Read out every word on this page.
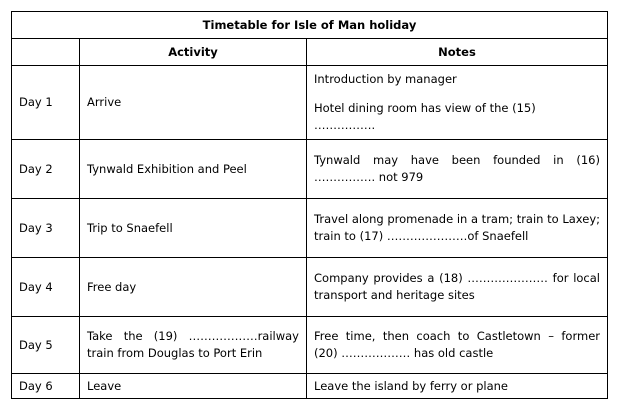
Timetable for Isle of Man holiday		
	Activity	Notes
Day 1	Arrive	Introduction by manager

Hotel dining room has view of the (15) …………….

Day 2	Tynwald Exhibition and Peel	Tynwald may have been founded in (16) ……………. not 979
Day 3	Trip to Snaefell	Travel along promenade in a tram; train to Laxey; train to (17) …………………of Snaefell
Day 4	Free day	Company provides a (18) ………………… for local transport and heritage sites
Day 5	Take the (19) ………………railway train from Douglas to Port Erin	Free time, then coach to Castletown – former (20) ……………… has old castle
Day 6	Leave	Leave the island by ferry or plane
